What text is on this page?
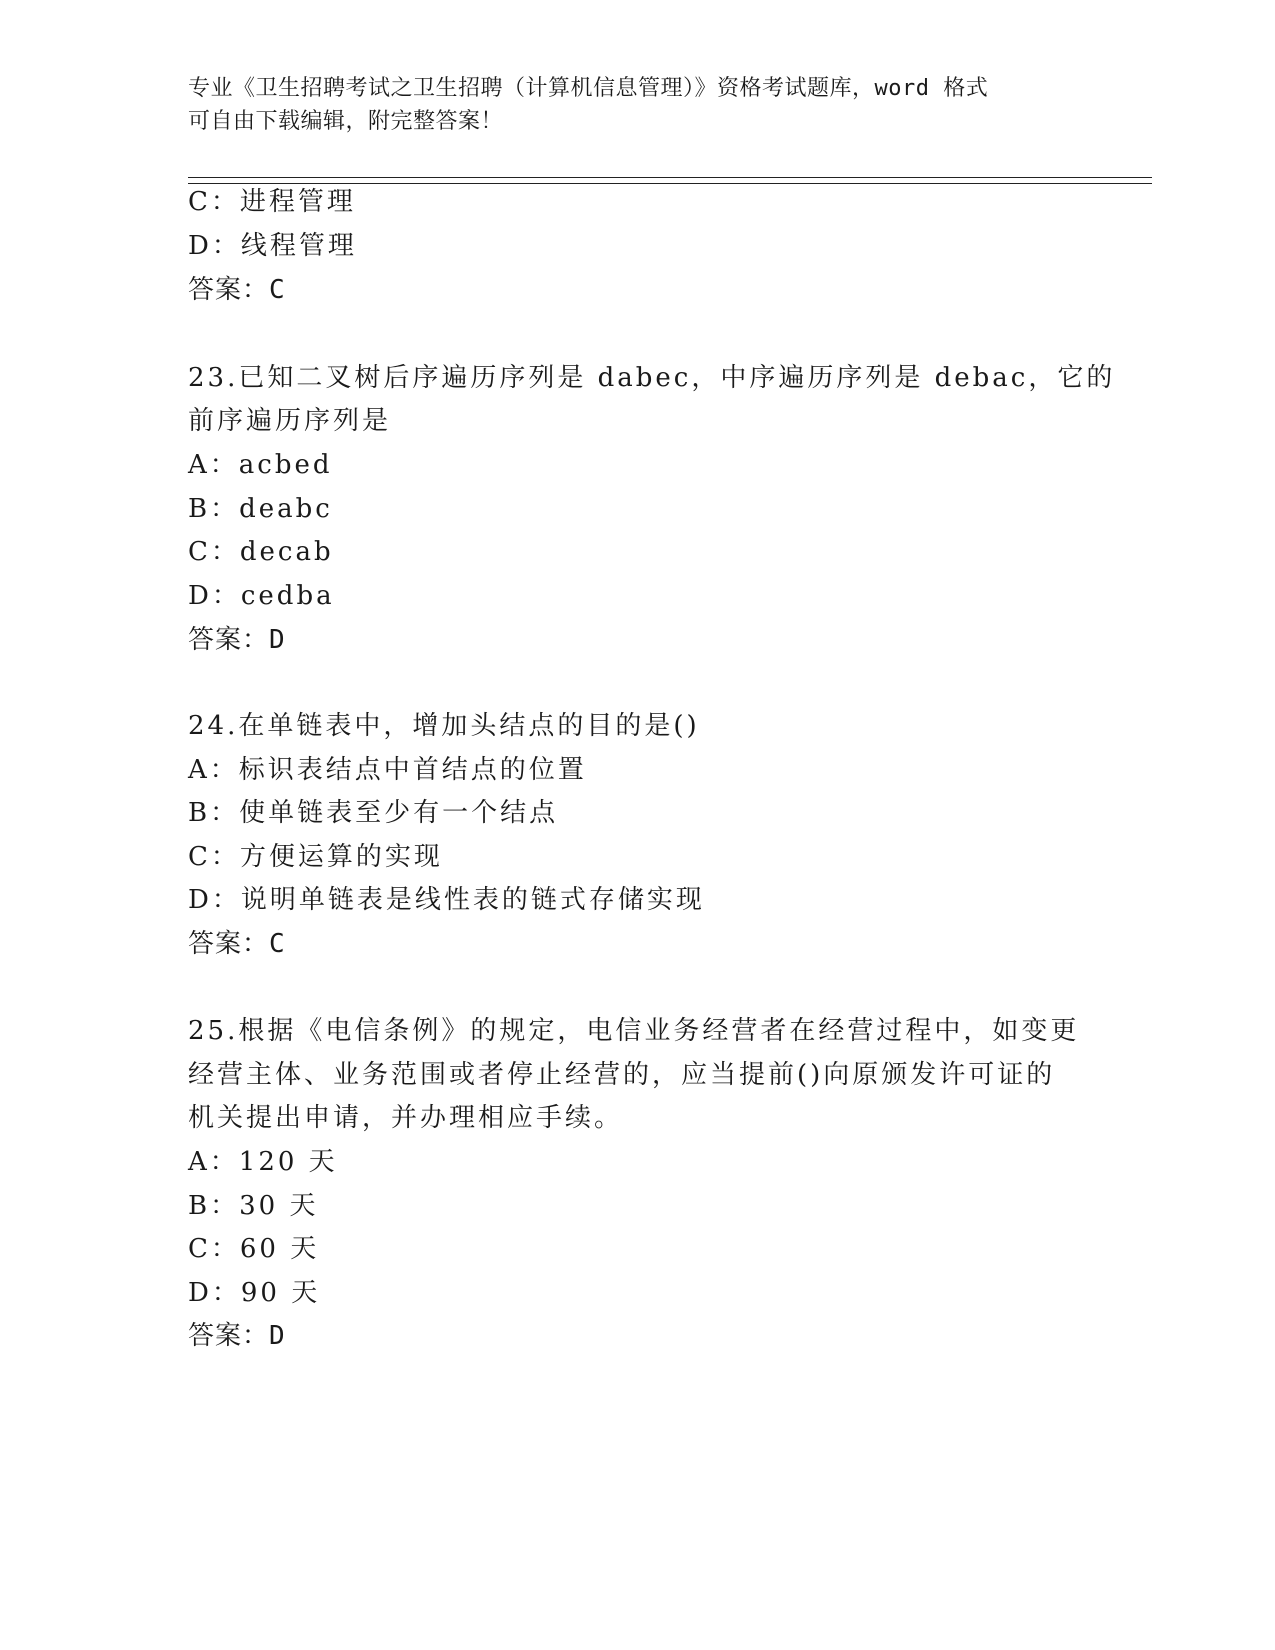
专业《卫生招聘考试之卫生招聘（计算机信息管理）》资格考试题库，word 格式
可自由下载编辑，附完整答案！
C：进程管理
D：线程管理
答案：C
23.已知二叉树后序遍历序列是 dabec，中序遍历序列是 debac，它的
前序遍历序列是
A：acbed
B：deabc
C：decab
D：cedba
答案：D
24.在单链表中，增加头结点的目的是()
A：标识表结点中首结点的位置
B：使单链表至少有一个结点
C：方便运算的实现
D：说明单链表是线性表的链式存储实现
答案：C
25.根据《电信条例》的规定，电信业务经营者在经营过程中，如变更
经营主体、业务范围或者停止经营的，应当提前()向原颁发许可证的
机关提出申请，并办理相应手续。
A：120 天
B：30 天
C：60 天
D：90 天
答案：D
